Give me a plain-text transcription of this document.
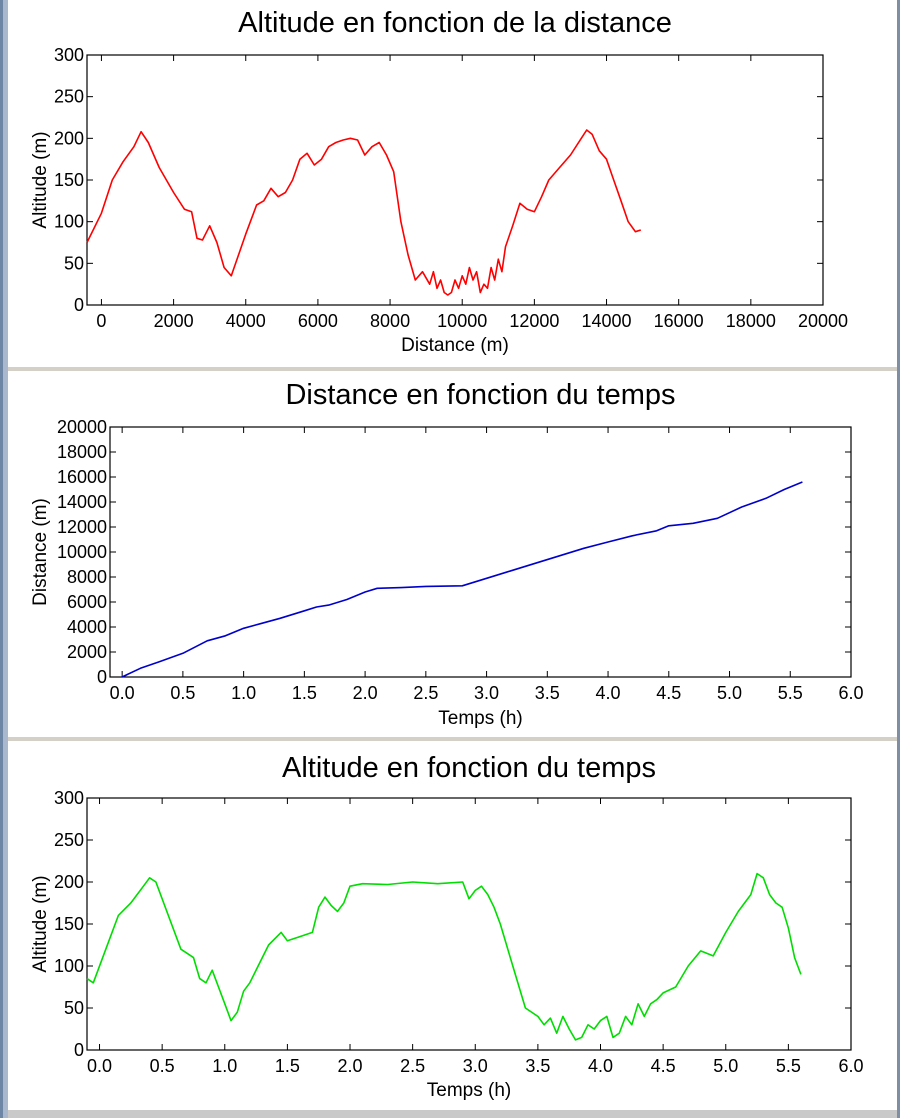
Altitude en fonction de la distance
0
50
100
150
200
250
300
0	2000 4000 6000 8000 10000 12000 14000 16000 18000 20000
Distance (m)
Altitude (m)
Distance en fonction du temps
0
2000
4000
6000
8000
10000
12000
14000
16000
18000
20000
0.0 0.5 1.0 1.5 2.0 2.5 3.0 3.5 4.0 4.5 5.0 5.5 6.0
Temps (h)
Distance (m)
Altitude en fonction du temps
0
50
100
150
200
250
300
0.0 0.5 1.0 1.5 2.0 2.5 3.0 3.5 4.0 4.5 5.0 5.5 6.0
Temps (h)
Altitude (m)
